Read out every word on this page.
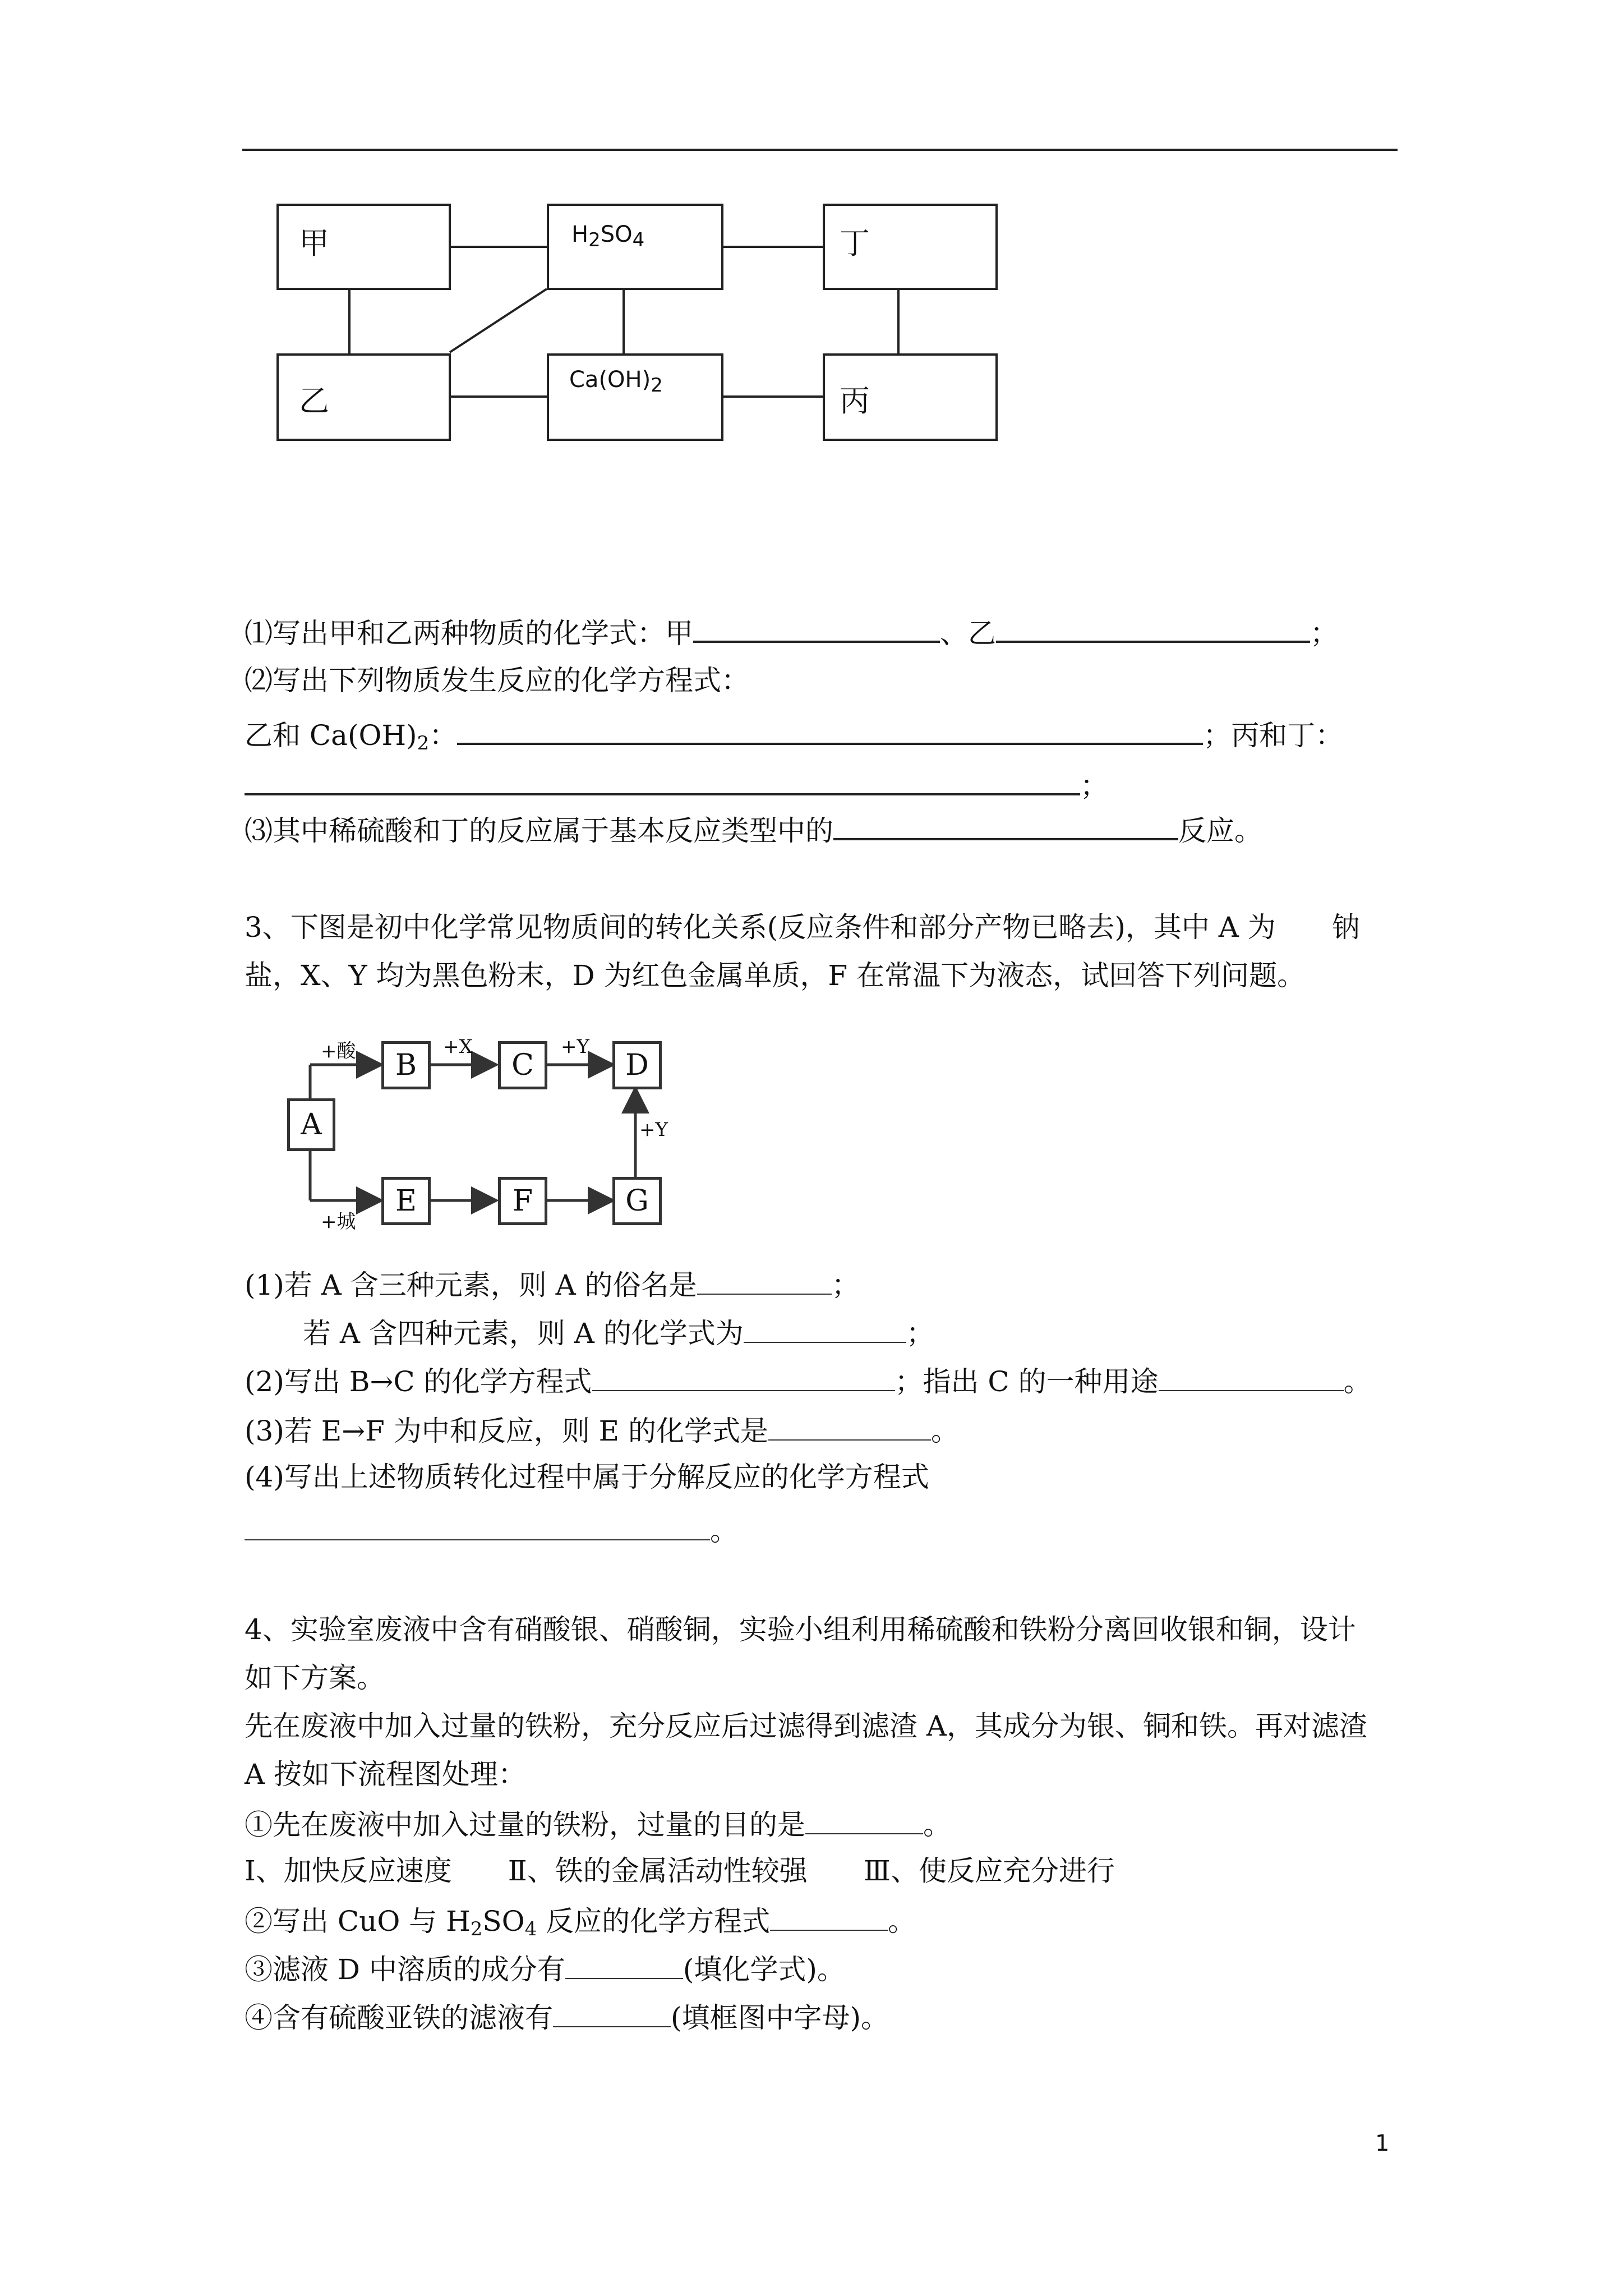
甲	$H_2SO_4$	丁
乙
$Ca(OH)_2$	丙
⑴写出甲和乙两种物质的化学式：甲	、乙	；
⑵写出下列物质发生反应的化学方程式：
乙和 $Ca(OH)_2$：	；丙和丁：
；
⑶其中稀硫酸和丁的反应属于基本反应类型中的	反应。
3、下图是初中化学常见物质间的转化关系(反应条件和部分产物已略去)，其中 A 为　　钠
盐，X、Y 均为黑色粉末，D 为红色金属单质，F 在常温下为液态，试回答下列问题。
A
B	C	D
E	F	G
+酸
+城
+X	+Y
+Y
(1)若 A 含三种元素，则 A 的俗名是	；
若 A 含四种元素，则 A 的化学式为	；
(2)写出 B→C 的化学方程式	；指出 C 的一种用途	。
(3)若 E→F 为中和反应，则 E 的化学式是	。
(4)写出上述物质转化过程中属于分解反应的化学方程式
。
4、实验室废液中含有硝酸银、硝酸铜，实验小组利用稀硫酸和铁粉分离回收银和铜，设计
如下方案。
先在废液中加入过量的铁粉，充分反应后过滤得到滤渣 A，其成分为银、铜和铁。再对滤渣
A 按如下流程图处理：
①先在废液中加入过量的铁粉，过量的目的是	。
Ⅰ、加快反应速度　　Ⅱ、铁的金属活动性较强　　Ⅲ、使反应充分进行
②写出 CuO 与 $H_2SO_4$ 反应的化学方程式	。
③滤液 D 中溶质的成分有	(填化学式)。
④含有硫酸亚铁的滤液有	(填框图中字母)。
1
